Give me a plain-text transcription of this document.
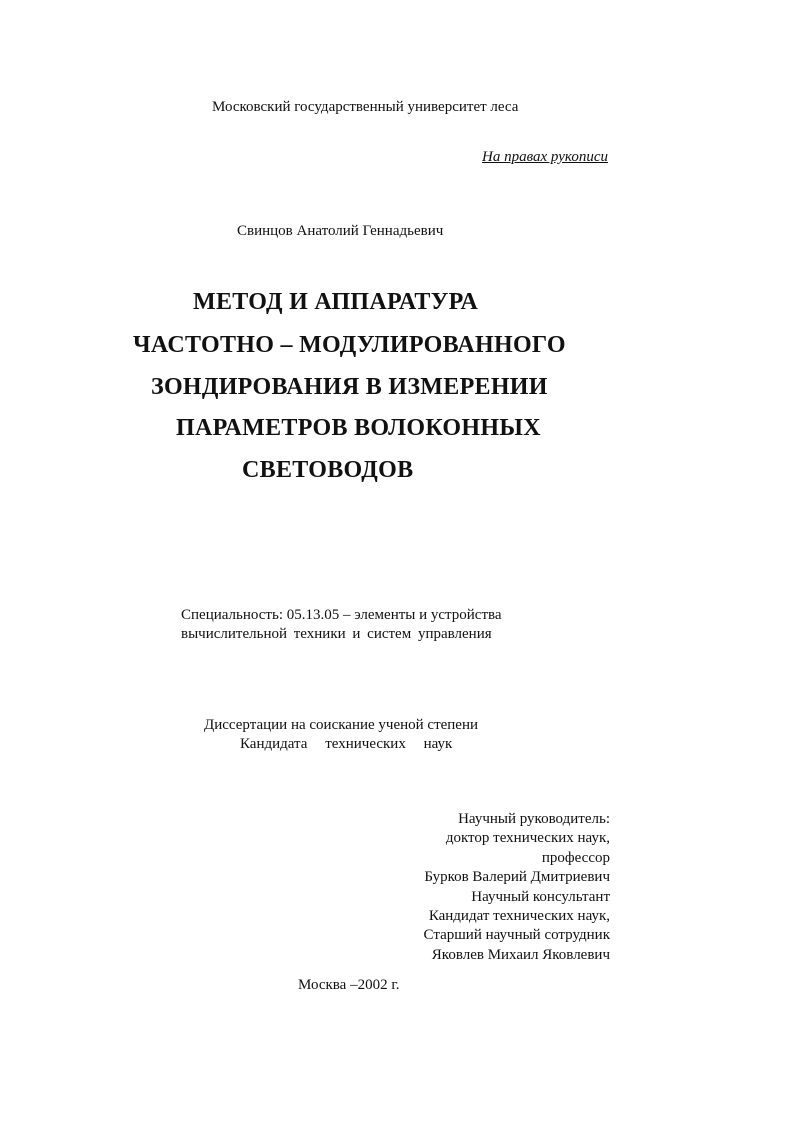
Московский государственный университет леса
На правах рукописи
Свинцов Анатолий Геннадьевич
МЕТОД И АППАРАТУРА
ЧАСТОТНО – МОДУЛИРОВАННОГО
ЗОНДИРОВАНИЯ В ИЗМЕРЕНИИ
ПАРАМЕТРОВ ВОЛОКОННЫХ
СВЕТОВОДОВ
Специальность: 05.13.05 – элементы и устройства
вычислительной техники и систем управления
Диссертации на соискание ученой степени
Кандидата технических наук
Научный руководитель:
доктор технических наук,
профессор
Бурков Валерий Дмитриевич
Научный консультант
Кандидат технических наук,
Старший научный сотрудник
Яковлев Михаил Яковлевич
Москва –2002 г.
